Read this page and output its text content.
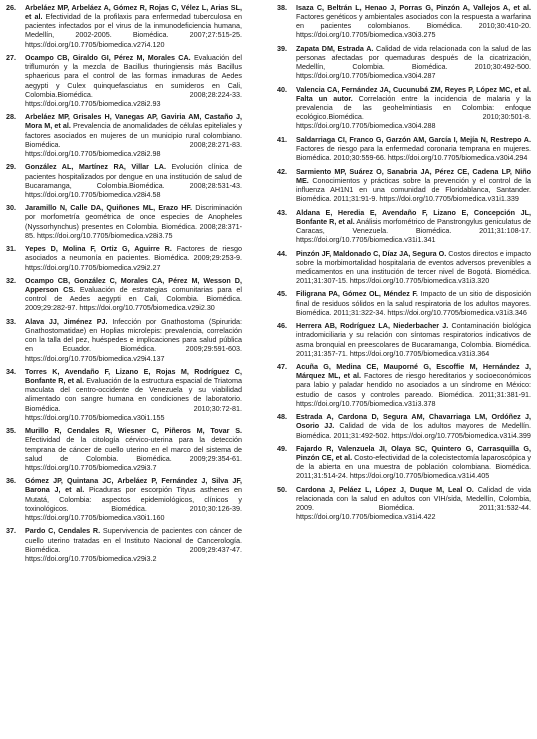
26. Arbeláez MP, Arbeláez A, Gómez R, Rojas C, Vélez L, Arias SL, et al. Efectividad de la profilaxis para enfermedad tuberculosa en pacientes infectados por el virus de la inmunodeficiencia humana, Medellín, 2002-2005. Biomédica. 2007;27:515-25. https://doi.org/10.7705/biomedica.v27i4.120

27. Ocampo CB, Giraldo GI, Pérez M, Morales CA. Evaluación del triflumurón y la mezcla de Bacillus thuringiensis más Bacillus sphaericus para el control de las formas inmaduras de Aedes aegypti y Culex quinquefasciatus en sumideros en Cali, Colombia.Biomédica. 2008;28:224-33. https://doi.org/10.7705/biomedica.v28i2.93

28. Arbeláez MP, Grisales H, Vanegas AP, Gaviria AM, Castaño J, Mora M, et al. Prevalencia de anomalidades de células epiteliales y factores asociados en mujeres de un municipio rural colombiano. Biomédica. 2008;28:271-83. https://doi.org/10.7705/biomedica.v28i2.98

29. González AL, Martínez RA, Villar LA. Evolución clínica de pacientes hospitalizados por dengue en una institución de salud de Bucaramanga, Colombia.Biomédica. 2008;28:531-43. https://doi.org/10.7705/biomedica.v28i4.58

30. Jaramillo N, Calle DA, Quiñones ML, Erazo HF. Discriminación por morfometría geométrica de once especies de Anopheles (Nyssorhynchus) presentes en Colombia. Biomédica. 2008;28:371-85. https://doi.org/10.7705/biomedica.v28i3.75

31. Yepes D, Molina F, Ortiz G, Aguirre R. Factores de riesgo asociados a neumonía en pacientes. Biomédica. 2009;29:253-9. https://doi.org/10.7705/biomedica.v29i2.27

32. Ocampo CB, González C, Morales CA, Pérez M, Wesson D, Apperson CS. Evaluación de estrategias comunitarias para el control de Aedes aegypti en Cali, Colombia. Biomédica. 2009;29:282-97. https://doi.org/10.7705/biomedica.v29i2.30

33. Alava JJ, Jiménez PJ. Infección por Gnathostoma (Spirurida: Gnathostomatidae) en Hoplias microlepis: prevalencia, correlación con la talla del pez, huéspedes e implicaciones para salud pública en Ecuador. Biomédica. 2009;29:591-603. https://doi.org/10.7705/biomedica.v29i4.137

34. Torres K, Avendaño F, Lizano E, Rojas M, Rodríguez C, Bonfante R, et al. Evaluación de la estructura espacial de Triatoma maculata del centro-occidente de Venezuela y su viabilidad alimentado con sangre humana en condiciones de laboratorio. Biomédica. 2010;30:72-81. https://doi.org/10.7705/biomedica.v30i1.155

35. Murillo R, Cendales R, Wiesner C, Piñeros M, Tovar S. Efectividad de la citología cérvico-uterina para la detección temprana de cáncer de cuello uterino en el marco del sistema de salud de Colombia. Biomédica. 2009;29:354-61. https://doi.org/10.7705/biomedica.v29i3.7

36. Gómez JP, Quintana JC, Arbeláez P, Fernández J, Silva JF, Barona J, et al. Picaduras por escorpión Tityus asthenes en Mutatá, Colombia: aspectos epidemiológicos, clínicos y toxinológicos. Biomédica. 2010;30:126-39. https://doi.org/10.7705/biomedica.v30i1.160

37. Pardo C, Cendales R. Supervivencia de pacientes con cáncer de cuello uterino tratadas en el Instituto Nacional de Cancerología. Biomédica. 2009;29:437-47. https://doi.org/10.7705/biomedica.v29i3.2

38. Isaza C, Beltrán L, Henao J, Porras G, Pinzón A, Vallejos A, et al. Factores genéticos y ambientales asociados con la respuesta a warfarina en pacientes colombianos. Biomédica. 2010;30:410-20. https://doi.org/10.7705/biomedica.v30i3.275

39. Zapata DM, Estrada A. Calidad de vida relacionada con la salud de las personas afectadas por quemaduras después de la cicatrización, Medellín, Colombia. Biomédica. 2010;30:492-500. https://doi.org/10.7705/biomedica.v30i4.287

40. Valencia CA, Fernández JA, Cucunubá ZM, Reyes P, López MC, et al. Falta un autor. Correlación entre la incidencia de malaria y la prevalencia de las geohelmintiasis en Colombia: enfoque ecológico.Biomédica. 2010;30:501-8. https://doi.org/10.7705/biomedica.v30i4.288

41. Saldarriaga CI, Franco G, Garzón AM, García I, Mejía N, Restrepo A. Factores de riesgo para la enfermedad coronaria temprana en mujeres. Biomédica. 2010;30:559-66. https://doi.org/10.7705/biomedica.v30i4.294

42. Sarmiento MP, Suárez O, Sanabria JA, Pérez CE, Cadena LP, Niño ME. Conocimientos y prácticas sobre la prevención y el control de la influenza AH1N1 en una comunidad de Floridablanca, Santander. Biomédica. 2011;31:91-9. https://doi.org/10.7705/biomedica.v31i1.339

43. Aldana E, Heredia E, Avendaño F, Lizano E, Concepción JL, Bonfante R, et al. Análisis morfométrico de Panstrongylus geniculatus de Caracas, Venezuela. Biomédica. 2011;31:108-17. https://doi.org/10.7705/biomedica.v31i1.341

44. Pinzón JF, Maldonado C, Díaz JA, Segura O. Costos directos e impacto sobre la morbimortalidad hospitalaria de eventos adversos prevenibles a medicamentos en una institución de tercer nivel de Bogotá. Biomédica. 2011;31:307-15. https://doi.org/10.7705/biomedica.v31i3.320

45. Filigrana PA, Gómez OL, Méndez F. Impacto de un sitio de disposición final de residuos sólidos en la salud respiratoria de los adultos mayores. Biomédica. 2011;31:322-34. https://doi.org/10.7705/biomedica.v31i3.346

46. Herrera AB, Rodríguez LA, Niederbacher J. Contaminación biológica intradomiciliaria y su relación con síntomas respiratorios indicativos de asma bronquial en preescolares de Bucaramanga, Colombia. Biomédica. 2011;31:357-71. https://doi.org/10.7705/biomedica.v31i3.364

47. Acuña G, Medina CE, Mauporné G, Escoffie M, Hernández J, Márquez ML, et al. Factores de riesgo hereditarios y socioeconómicos para labio y paladar hendido no asociados a un síndrome en México: estudio de casos y controles pareado. Biomédica. 2011;31:381-91. https://doi.org/10.7705/biomedica.v31i3.378

48. Estrada A, Cardona D, Segura AM, Chavarriaga LM, Ordóñez J, Osorio JJ. Calidad de vida de los adultos mayores de Medellín. Biomédica. 2011;31:492-502. https://doi.org/10.7705/biomedica.v31i4.399

49. Fajardo R, Valenzuela JI, Olaya SC, Quintero G, Carrasquilla G, Pinzón CE, et al. Costo-efectividad de la colecistectomía laparoscópica y de la abierta en una muestra de población colombiana. Biomédica. 2011;31:514-24. https://doi.org/10.7705/biomedica.v31i4.405

50. Cardona J, Peláez L, López J, Duque M, Leal O. Calidad de vida relacionada con la salud en adultos con VIH/sida, Medellín, Colombia, 2009. Biomédica. 2011;31:532-44. https://doi.org/10.7705/biomedica.v31i4.422
